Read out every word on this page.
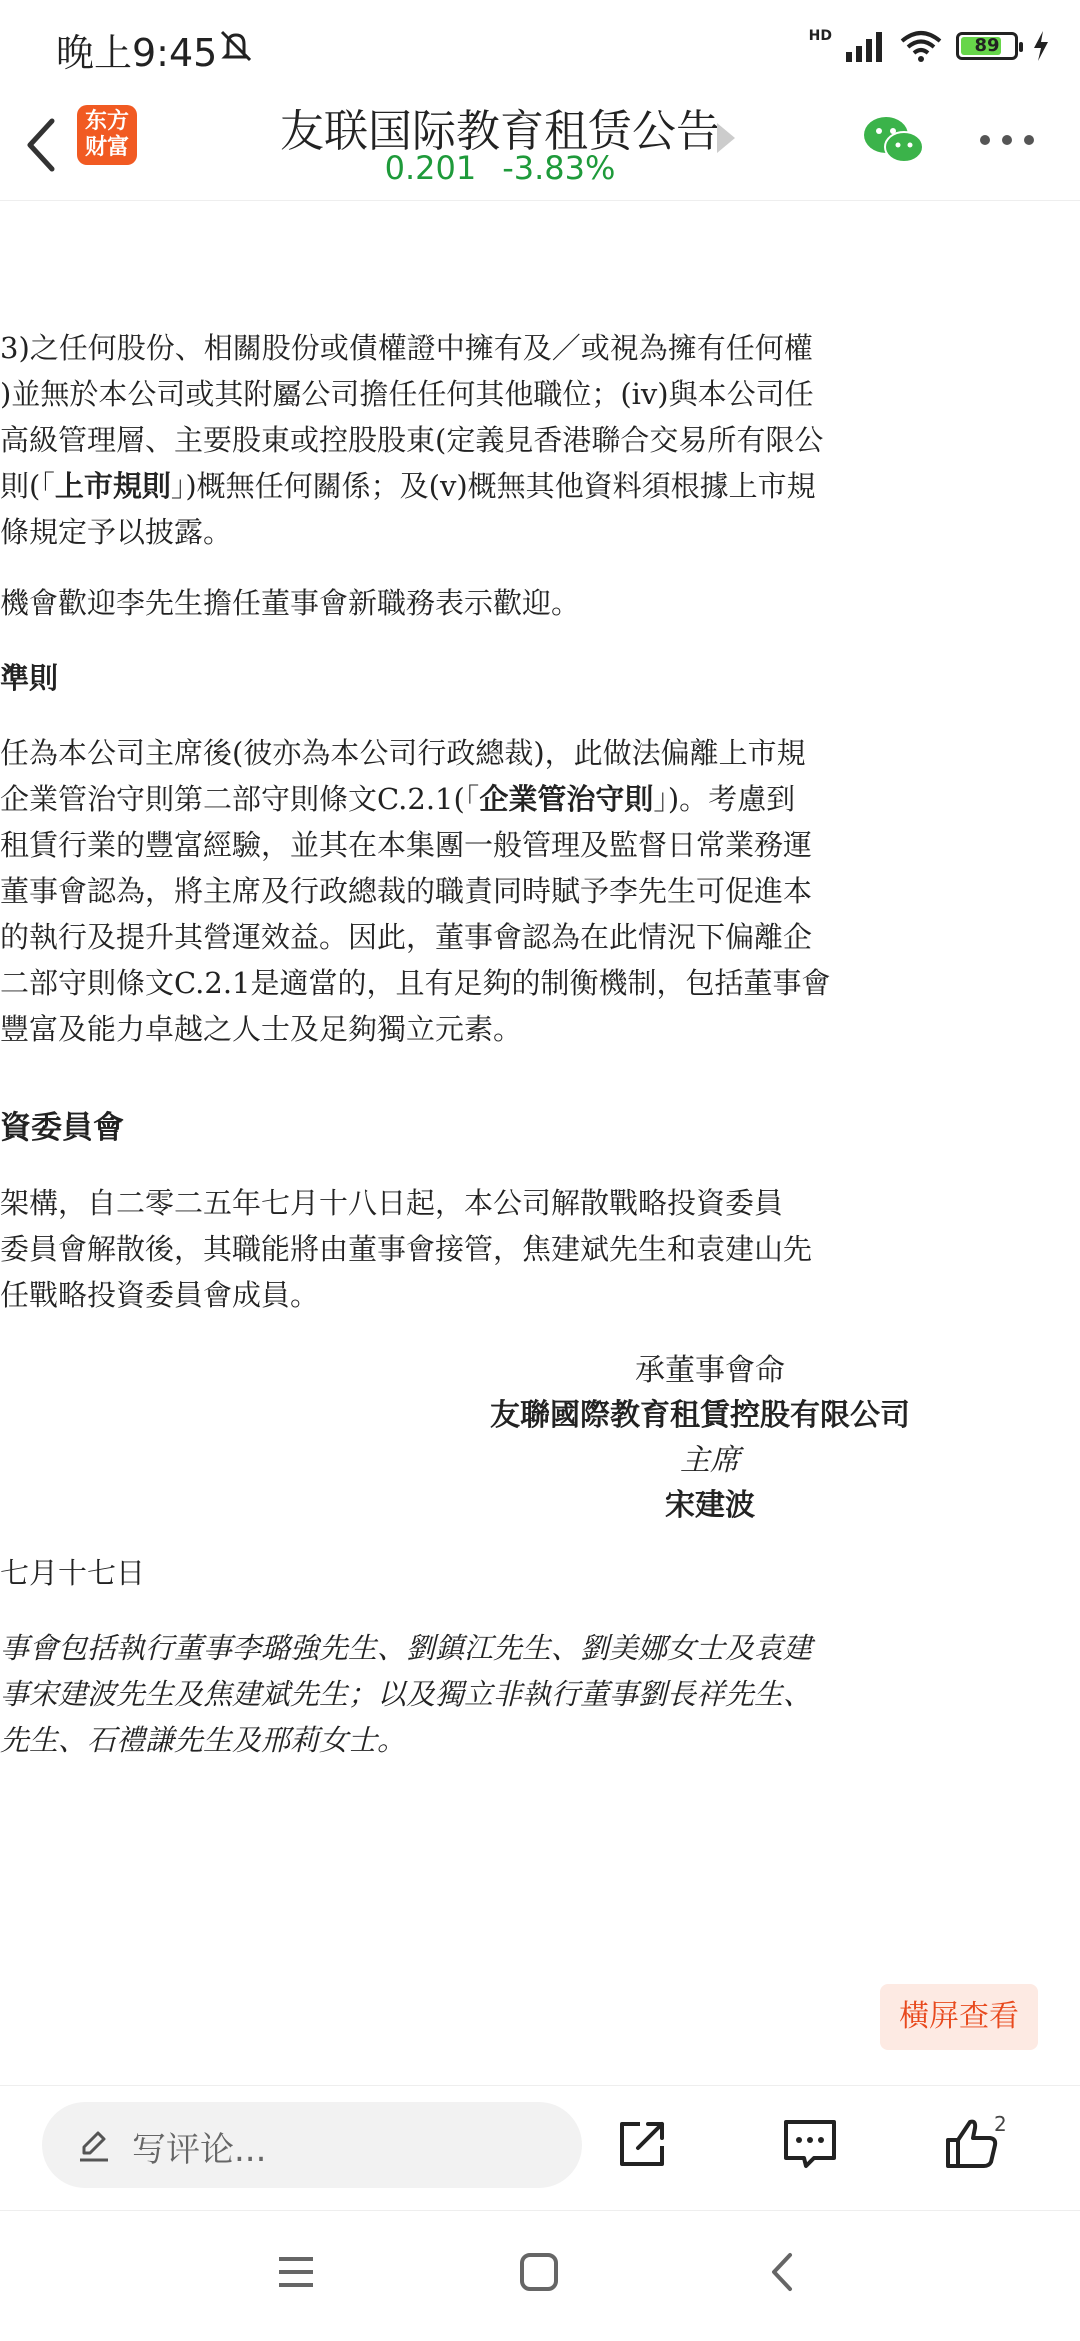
晚上9:45	HD	89
东方
财富	友联国际教育租赁公告
0.201 -3.83%
3)之任何股份、相關股份或債權證中擁有及／或視為擁有任何權
)並無於本公司或其附屬公司擔任任何其他職位；(iv)與本公司任
高級管理層、主要股東或控股股東(定義見香港聯合交易所有限公
則(「上市規則」)概無任何關係；及(v)概無其他資料須根據上市規
條規定予以披露。
機會歡迎李先生擔任董事會新職務表示歡迎。
準則
任為本公司主席後(彼亦為本公司行政總裁)，此做法偏離上市規
企業管治守則第二部守則條文C.2.1(「企業管治守則」)。考慮到
租賃行業的豐富經驗，並其在本集團一般管理及監督日常業務運
董事會認為，將主席及行政總裁的職責同時賦予李先生可促進本
的執行及提升其營運效益。因此，董事會認為在此情況下偏離企
二部守則條文C.2.1是適當的，且有足夠的制衡機制，包括董事會
豐富及能力卓越之人士及足夠獨立元素。
資委員會
架構，自二零二五年七月十八日起，本公司解散戰略投資委員
委員會解散後，其職能將由董事會接管，焦建斌先生和袁建山先
任戰略投資委員會成員。
承董事會命
友聯國際教育租賃控股有限公司
主席
宋建波
七月十七日
事會包括執行董事李璐強先生、劉鎮江先生、劉美娜女士及袁建
事宋建波先生及焦建斌先生；以及獨立非執行董事劉長祥先生、
先生、石禮謙先生及邢莉女士。
橫屏查看
写评论...
2
